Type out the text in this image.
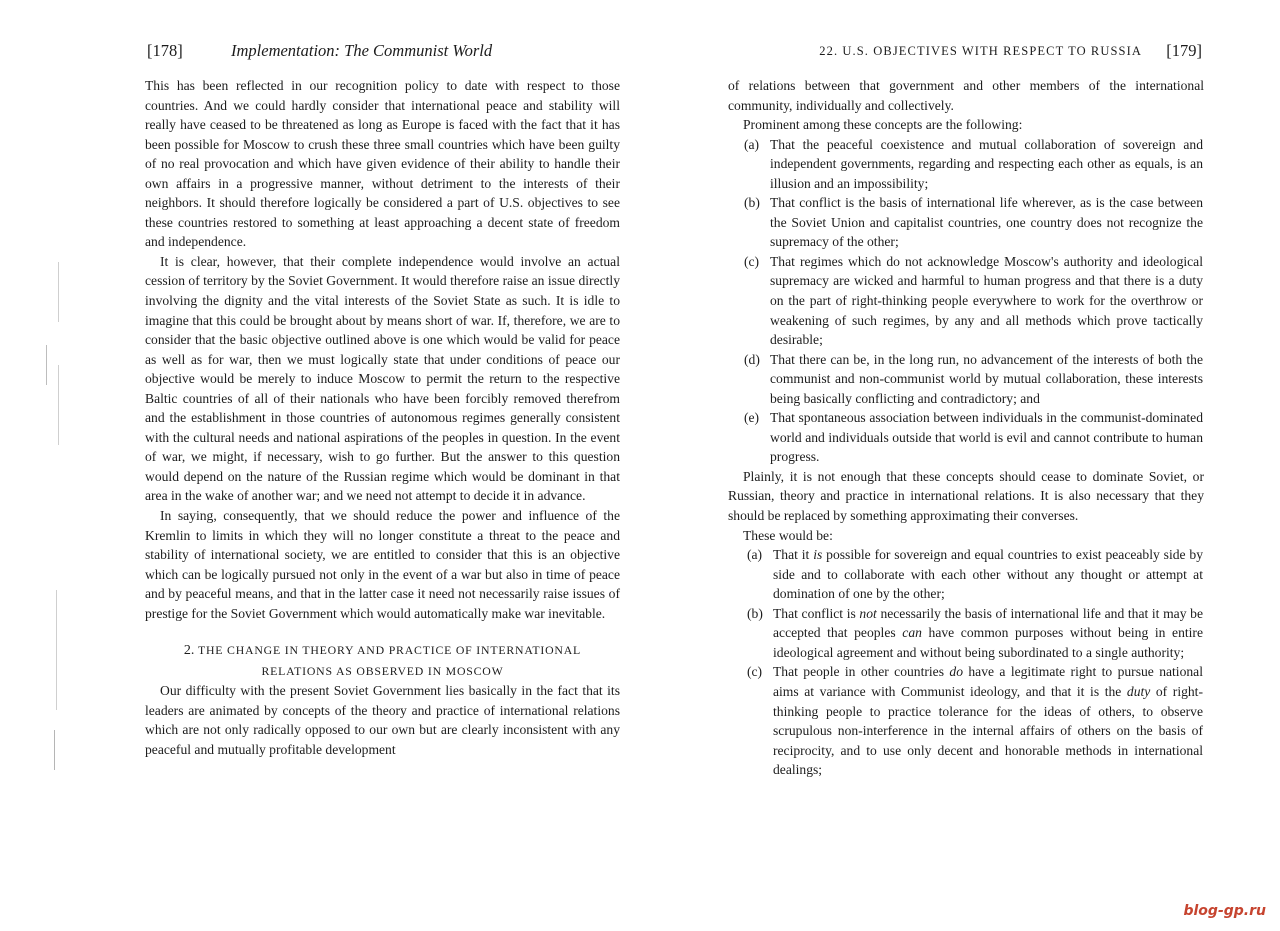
[178]	Implementation: The Communist World

This has been reflected in our recognition policy to date with respect to those countries. And we could hardly consider that international peace and stability will really have ceased to be threatened as long as Europe is faced with the fact that it has been possible for Moscow to crush these three small countries which have been guilty of no real provocation and which have given evidence of their ability to handle their own affairs in a progressive manner, without detriment to the interests of their neighbors. It should therefore logically be considered a part of U.S. objectives to see these countries restored to something at least approaching a decent state of freedom and independence.

It is clear, however, that their complete independence would involve an actual cession of territory by the Soviet Government. It would therefore raise an issue directly involving the dignity and the vital interests of the Soviet State as such. It is idle to imagine that this could be brought about by means short of war. If, therefore, we are to consider that the basic objective outlined above is one which would be valid for peace as well as for war, then we must logically state that under conditions of peace our objective would be merely to induce Moscow to permit the return to the respective Baltic countries of all of their nationals who have been forcibly removed therefrom and the establishment in those countries of autonomous regimes generally consistent with the cultural needs and national aspirations of the peoples in question. In the event of war, we might, if necessary, wish to go further. But the answer to this question would depend on the nature of the Russian regime which would be dominant in that area in the wake of another war; and we need not attempt to decide it in advance.

In saying, consequently, that we should reduce the power and influence of the Kremlin to limits in which they will no longer constitute a threat to the peace and stability of international society, we are entitled to consider that this is an objective which can be logically pursued not only in the event of a war but also in time of peace and by peaceful means, and that in the latter case it need not necessarily raise issues of prestige for the Soviet Government which would automatically make war inevitable.

2. THE CHANGE IN THEORY AND PRACTICE OF INTERNATIONAL
RELATIONS AS OBSERVED IN MOSCOW

Our difficulty with the present Soviet Government lies basically in the fact that its leaders are animated by concepts of the theory and practice of international relations which are not only radically opposed to our own but are clearly inconsistent with any peaceful and mutually profitable development

22. U.S. OBJECTIVES WITH RESPECT TO RUSSIA [179]

of relations between that government and other members of the international community, individually and collectively.

Prominent among these concepts are the following:

(a) That the peaceful coexistence and mutual collaboration of sovereign and independent governments, regarding and respecting each other as equals, is an illusion and an impossibility;
(b) That conflict is the basis of international life wherever, as is the case between the Soviet Union and capitalist countries, one country does not recognize the supremacy of the other;
(c) That regimes which do not acknowledge Moscow's authority and ideological supremacy are wicked and harmful to human progress and that there is a duty on the part of right-thinking people everywhere to work for the overthrow or weakening of such regimes, by any and all methods which prove tactically desirable;
(d) That there can be, in the long run, no advancement of the interests of both the communist and non-communist world by mutual collaboration, these interests being basically conflicting and contradictory; and
(e) That spontaneous association between individuals in the communist-dominated world and individuals outside that world is evil and cannot contribute to human progress.

Plainly, it is not enough that these concepts should cease to dominate Soviet, or Russian, theory and practice in international relations. It is also necessary that they should be replaced by something approximating their converses.

These would be:

(a) That it is possible for sovereign and equal countries to exist peaceably side by side and to collaborate with each other without any thought or attempt at domination of one by the other;
(b) That conflict is not necessarily the basis of international life and that it may be accepted that peoples can have common purposes without being in entire ideological agreement and without being subordinated to a single authority;
(c) That people in other countries do have a legitimate right to pursue national aims at variance with Communist ideology, and that it is the duty of right-thinking people to practice tolerance for the ideas of others, to observe scrupulous non-interference in the internal affairs of others on the basis of reciprocity, and to use only decent and honorable methods in international dealings;
blog-gp.ru
